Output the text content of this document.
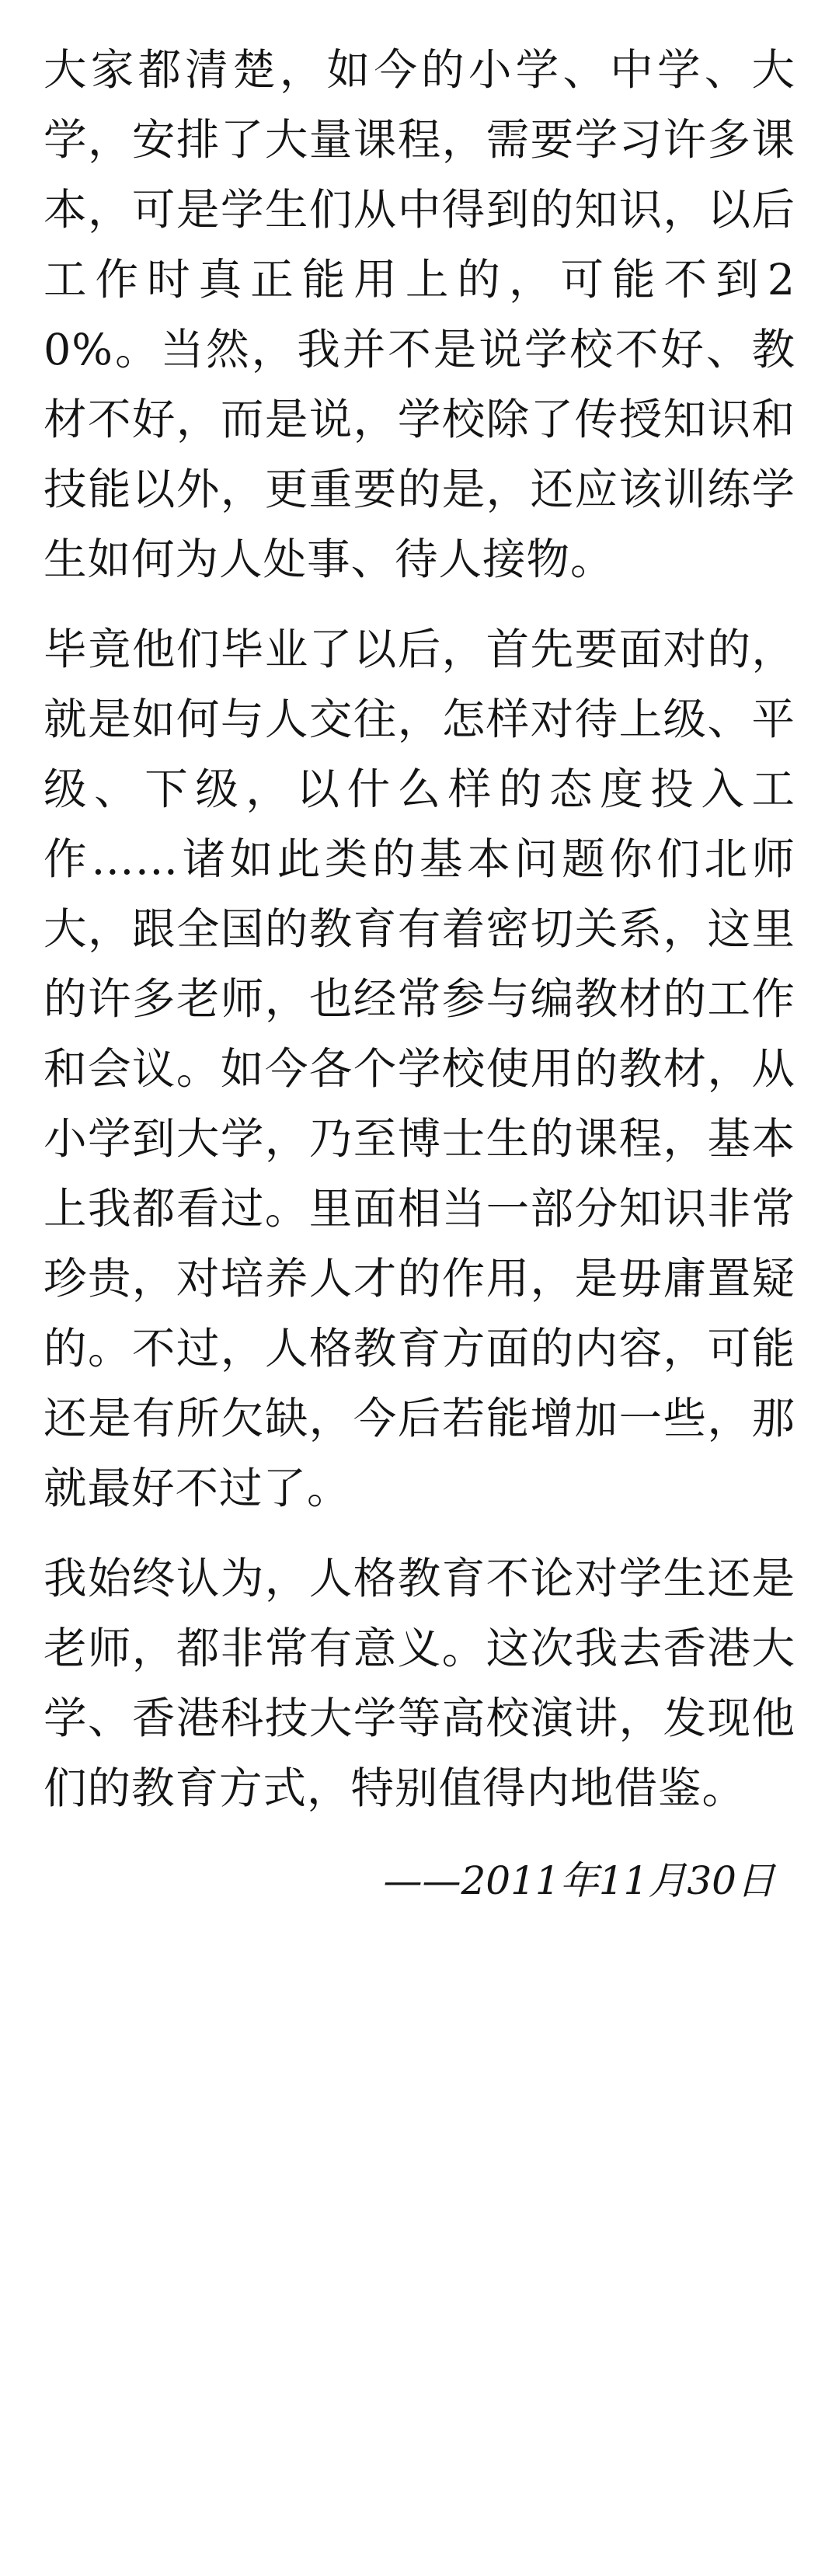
大家都清楚，如今的小学、中学、大学，安排了大量课程，需要学习许多课本，可是学生们从中得到的知识，以后工作时真正能用上的，可能不到20%。当然，我并不是说学校不好、教材不好，而是说，学校除了传授知识和技能以外，更重要的是，还应该训练学生如何为人处事、待人接物。

毕竟他们毕业了以后，首先要面对的，就是如何与人交往，怎样对待上级、平级、下级，以什么样的态度投入工作……诸如此类的基本问题你们北师大，跟全国的教育有着密切关系，这里的许多老师，也经常参与编教材的工作和会议。如今各个学校使用的教材，从小学到大学，乃至博士生的课程，基本上我都看过。里面相当一部分知识非常珍贵，对培养人才的作用，是毋庸置疑的。不过，人格教育方面的内容，可能还是有所欠缺，今后若能增加一些，那就最好不过了。

我始终认为，人格教育不论对学生还是老师，都非常有意义。这次我去香港大学、香港科技大学等高校演讲，发现他们的教育方式，特别值得内地借鉴。

——2011年11月30日
